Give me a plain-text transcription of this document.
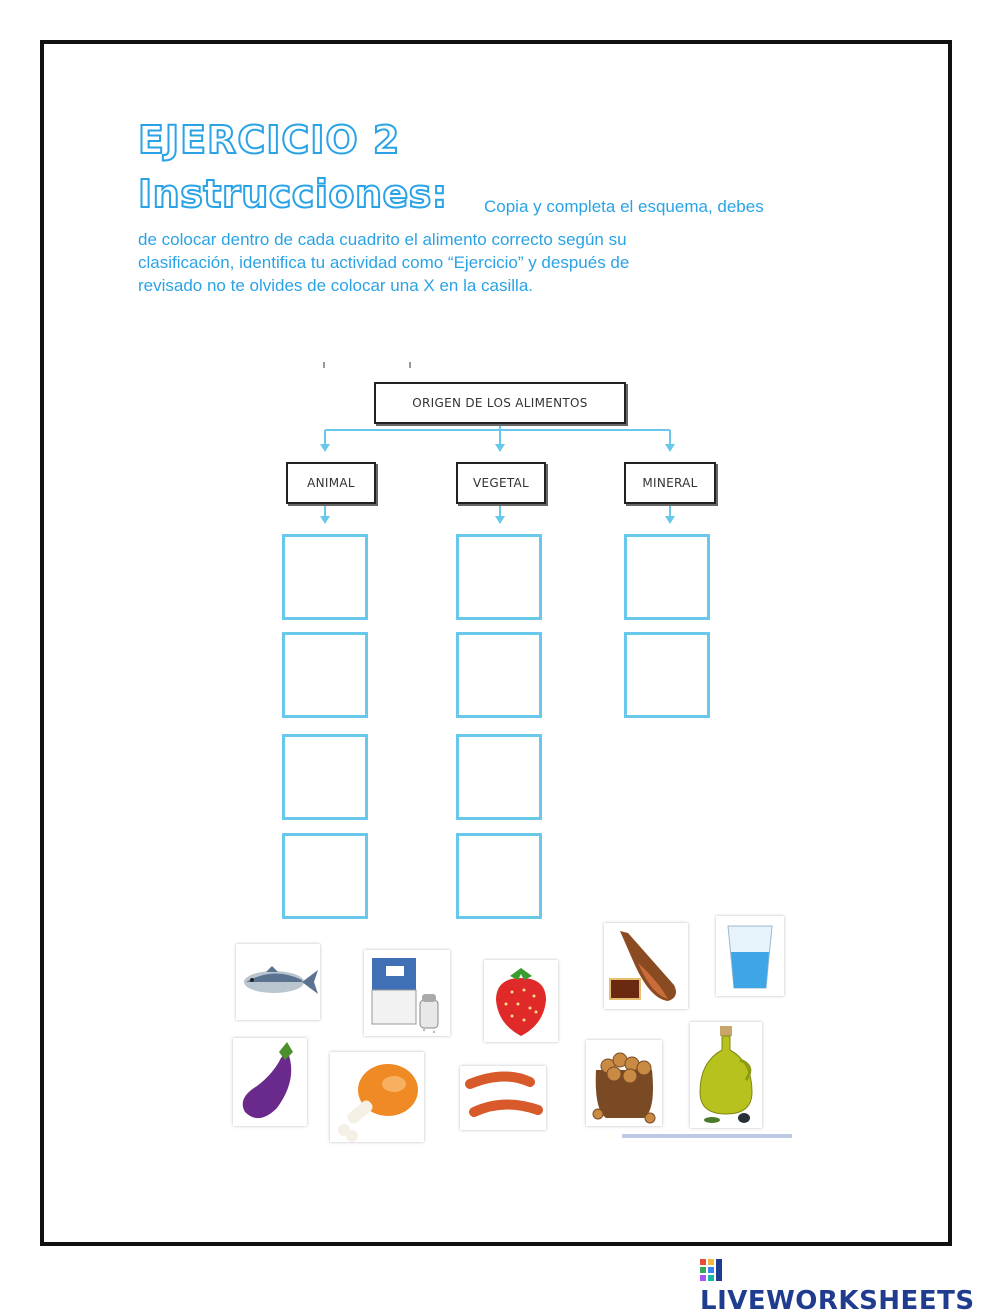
EJERCICIO 2
Instrucciones: Copia y completa el esquema, debes
de colocar dentro de cada cuadrito el alimento correcto según su
clasificación, identifica tu actividad como “Ejercicio” y después de
revisado no te olvides de colocar una X en la casilla.
ORIGEN DE LOS ALIMENTOS
ANIMAL	VEGETAL	MINERAL
LIVEWORKSHEETS
